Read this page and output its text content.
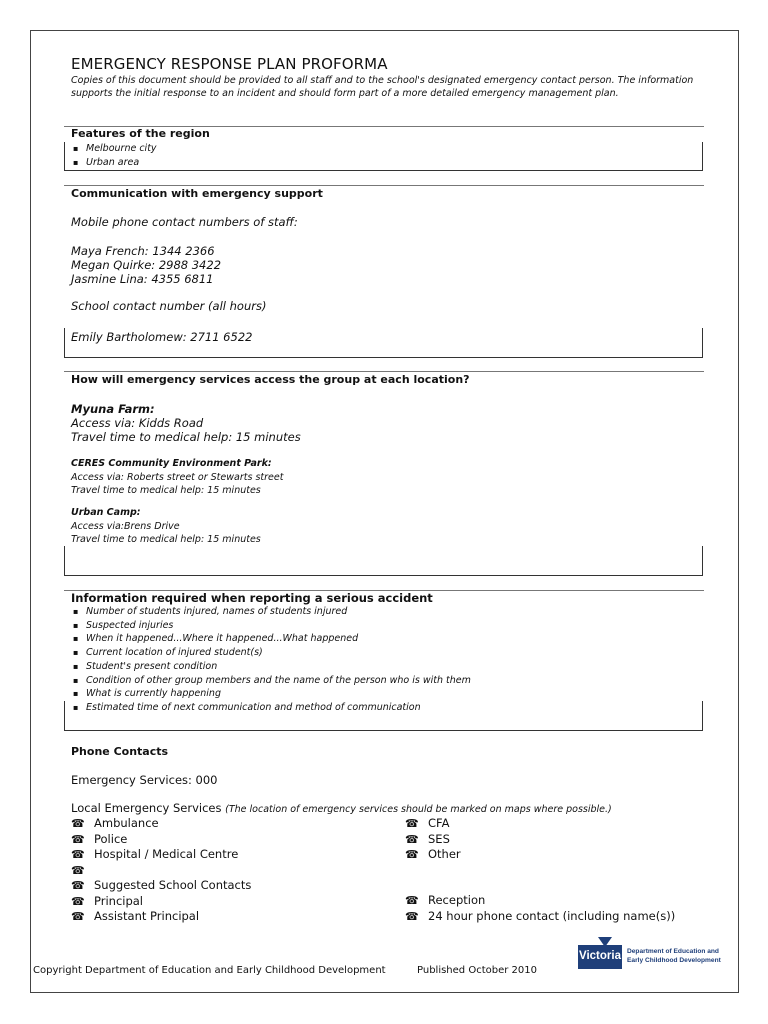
EMERGENCY RESPONSE PLAN PROFORMA
Copies of this document should be provided to all staff and to the school's designated emergency contact person. The information supports the initial response to an incident and should form part of a more detailed emergency management plan.
Features of the region
▪ Melbourne city
▪ Urban area
Communication with emergency support
Mobile phone contact numbers of staff:
Maya French: 1344 2366
Megan Quirke: 2988 3422
Jasmine Lina: 4355 6811
School contact number (all hours)
Emily Bartholomew: 2711 6522
How will emergency services access the group at each location?
Myuna Farm:
Access via: Kidds Road
Travel time to medical help: 15 minutes
CERES Community Environment Park:
Access via: Roberts street or Stewarts street
Travel time to medical help: 15 minutes
Urban Camp:
Access via:Brens Drive
Travel time to medical help: 15 minutes
Information required when reporting a serious accident
▪ Number of students injured, names of students injured
▪ Suspected injuries
▪ When it happened...Where it happened...What happened
▪ Current location of injured student(s)
▪ Student's present condition
▪ Condition of other group members and the name of the person who is with them
▪ What is currently happening
▪ Estimated time of next communication and method of communication
Phone Contacts
Emergency Services: 000
Local Emergency Services (The location of emergency services should be marked on maps where possible.)
☎ Ambulance
☎ Police
☎ Hospital / Medical Centre
☎
☎ Suggested School Contacts
☎ Principal
☎ Assistant Principal
☎ CFA
☎ SES
☎ Other
☎ Reception
☎ 24 hour phone contact (including name(s))
Copyright Department of Education and Early Childhood Development	Published October 2010
Victoria Department of Education and
Early Childhood Development
